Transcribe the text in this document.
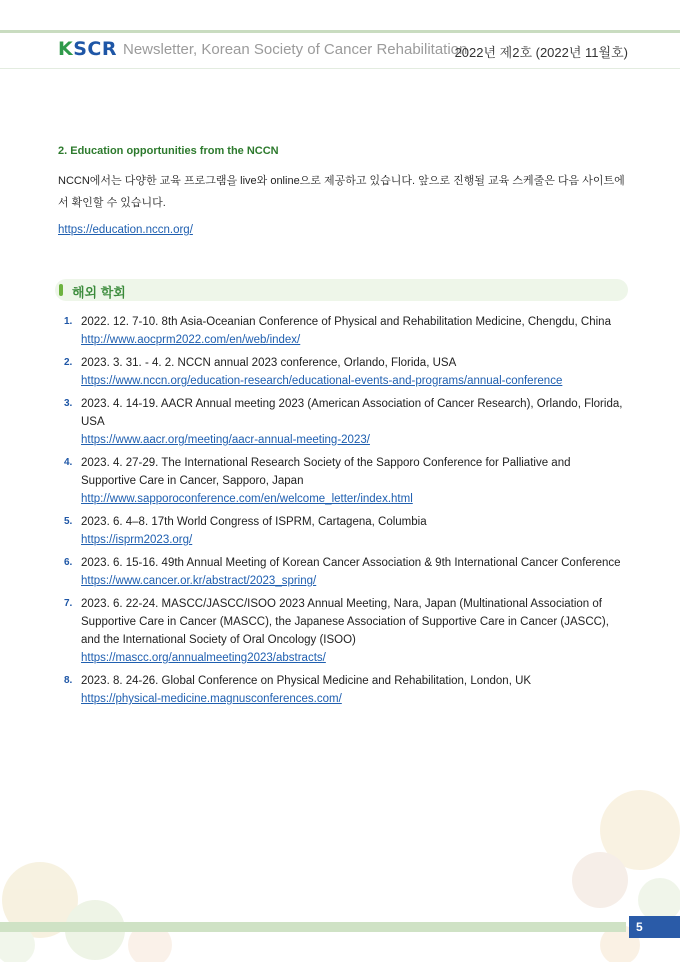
KSCR Newsletter, Korean Society of Cancer Rehabilitation
2022년 제2호 (2022년 11월호)
2. Education opportunities from the NCCN
NCCN에서는 다양한 교육 프로그램을 live와 online으로 제공하고 있습니다. 앞으로 진행될 교육 스케줄은 다음 사이트에서 확인할 수 있습니다.
https://education.nccn.org/
해외 학회
1. 2022. 12. 7-10. 8th Asia-Oceanian Conference of Physical and Rehabilitation Medicine, Chengdu, China
http://www.aocprm2022.com/en/web/index/
2. 2023. 3. 31. - 4. 2. NCCN annual 2023 conference, Orlando, Florida, USA
https://www.nccn.org/education-research/educational-events-and-programs/annual-conference
3. 2023. 4. 14-19. AACR Annual meeting 2023 (American Association of Cancer Research), Orlando, Florida, USA
https://www.aacr.org/meeting/aacr-annual-meeting-2023/
4. 2023. 4. 27-29. The International Research Society of the Sapporo Conference for Palliative and Supportive Care in Cancer, Sapporo, Japan
http://www.sapporoconference.com/en/welcome_letter/index.html
5. 2023. 6. 4–8. 17th World Congress of ISPRM, Cartagena, Columbia
https://isprm2023.org/
6. 2023. 6. 15-16. 49th Annual Meeting of Korean Cancer Association & 9th International Cancer Conference
https://www.cancer.or.kr/abstract/2023_spring/
7. 2023. 6. 22-24. MASCC/JASCC/ISOO 2023 Annual Meeting, Nara, Japan (Multinational Association of Supportive Care in Cancer (MASCC), the Japanese Association of Supportive Care in Cancer (JASCC), and the International Society of Oral Oncology (ISOO)
https://mascc.org/annualmeeting2023/abstracts/
8. 2023. 8. 24-26. Global Conference on Physical Medicine and Rehabilitation, London, UK
https://physical-medicine.magnusconferences.com/
5
